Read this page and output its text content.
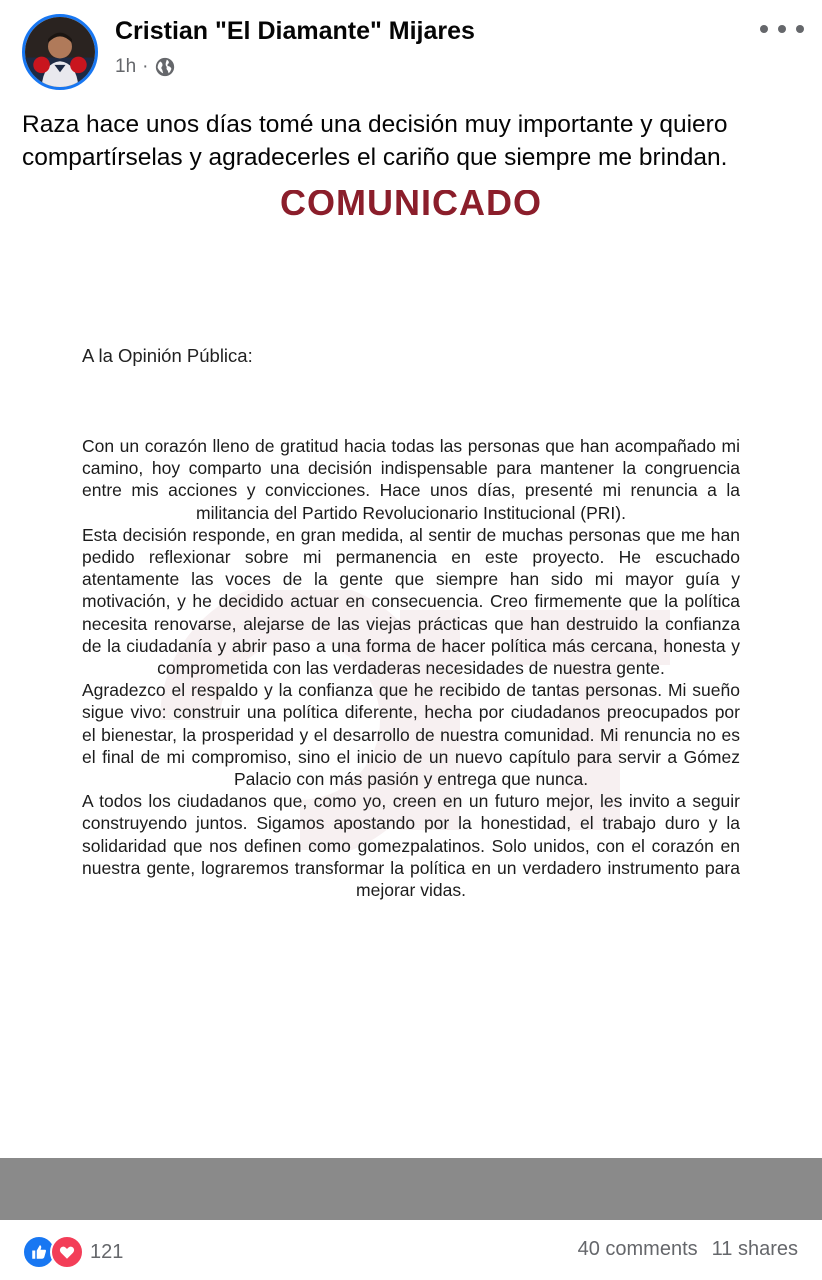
Cristian "El Diamante" Mijares
1h ·
Raza hace unos días tomé una decisión muy importante y quiero compartírselas y agradecerles el cariño que siempre me brindan.
COMUNICADO
A la Opinión Pública:

Con un corazón lleno de gratitud hacia todas las personas que han acompañado mi camino, hoy comparto una decisión indispensable para mantener la congruencia entre mis acciones y convicciones. Hace unos días, presenté mi renuncia a la militancia del Partido Revolucionario Institucional (PRI).

Esta decisión responde, en gran medida, al sentir de muchas personas que me han pedido reflexionar sobre mi permanencia en este proyecto. He escuchado atentamente las voces de la gente que siempre han sido mi mayor guía y motivación, y he decidido actuar en consecuencia. Creo firmemente que la política necesita renovarse, alejarse de las viejas prácticas que han destruido la confianza de la ciudadanía y abrir paso a una forma de hacer política más cercana, honesta y comprometida con las verdaderas necesidades de nuestra gente.

Agradezco el respaldo y la confianza que he recibido de tantas personas. Mi sueño sigue vivo: construir una política diferente, hecha por ciudadanos preocupados por el bienestar, la prosperidad y el desarrollo de nuestra comunidad. Mi renuncia no es el final de mi compromiso, sino el inicio de un nuevo capítulo para servir a Gómez Palacio con más pasión y entrega que nunca.

A todos los ciudadanos que, como yo, creen en un futuro mejor, les invito a seguir construyendo juntos. Sigamos apostando por la honestidad, el trabajo duro y la solidaridad que nos definen como gomezpalatinos. Solo unidos, con el corazón en nuestra gente, lograremos transformar la política en un verdadero instrumento para mejorar vidas.

121	40 comments 11 shares
